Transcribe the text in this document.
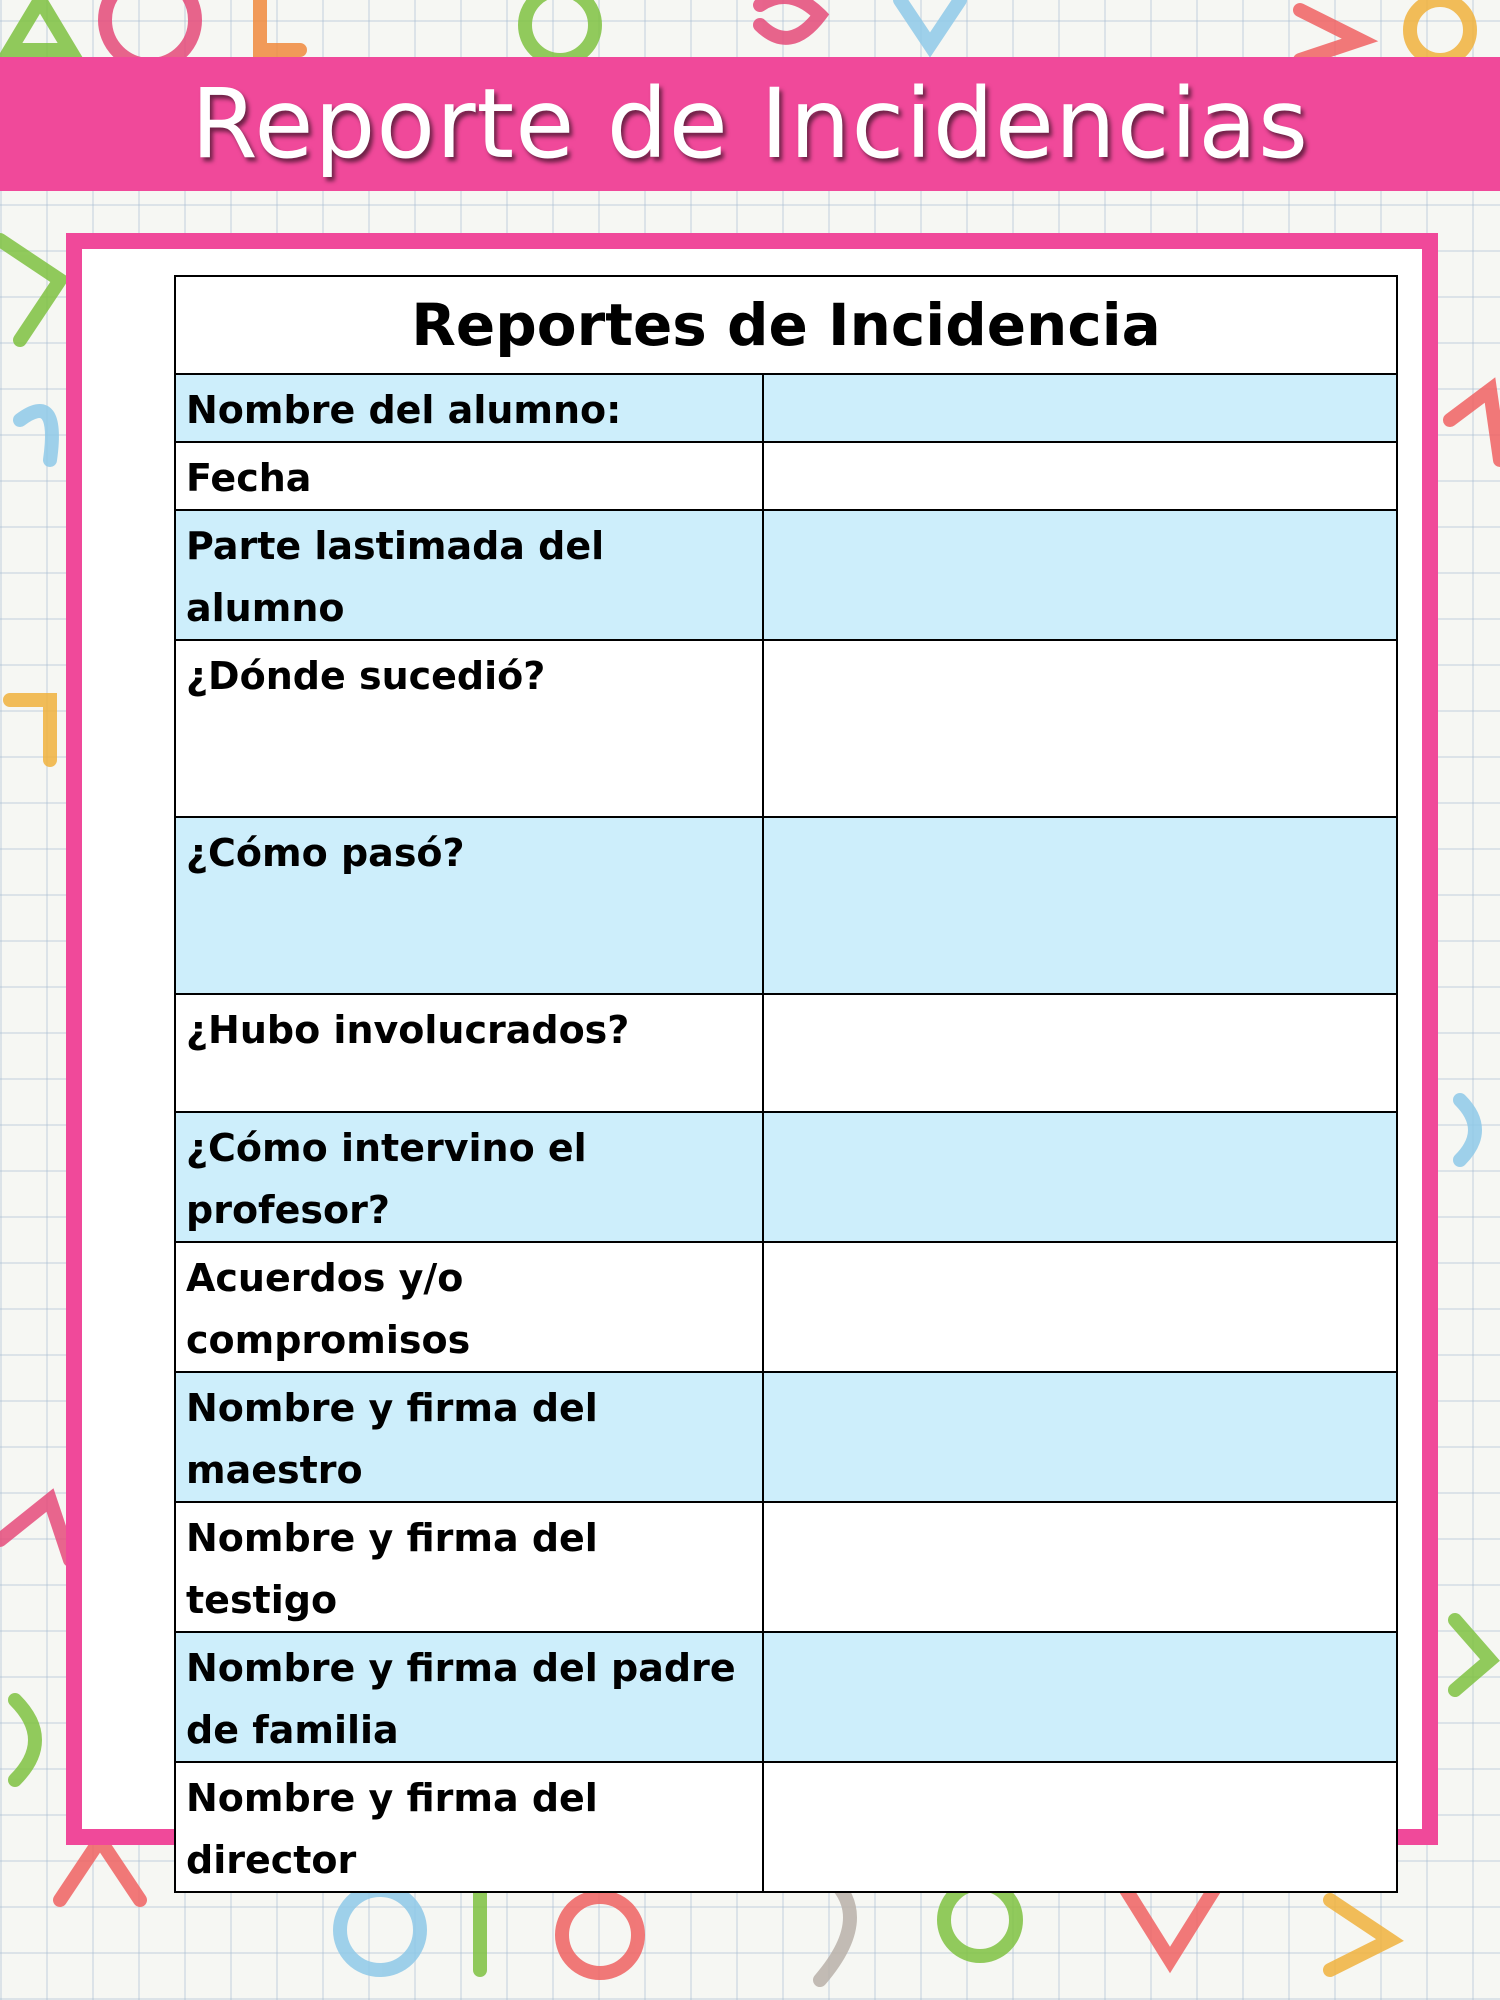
Reporte de Incidencias
Reportes de Incidencia	
Nombre del alumno:	
Fecha	
Parte lastimada del alumno	
¿Dónde sucedió?	
¿Cómo pasó?	
¿Hubo involucrados?	
¿Cómo intervino el profesor?	
Acuerdos y/o compromisos	
Nombre y firma del maestro	
Nombre y firma del testigo	
Nombre y firma del padre de familia	
Nombre y firma del director	
